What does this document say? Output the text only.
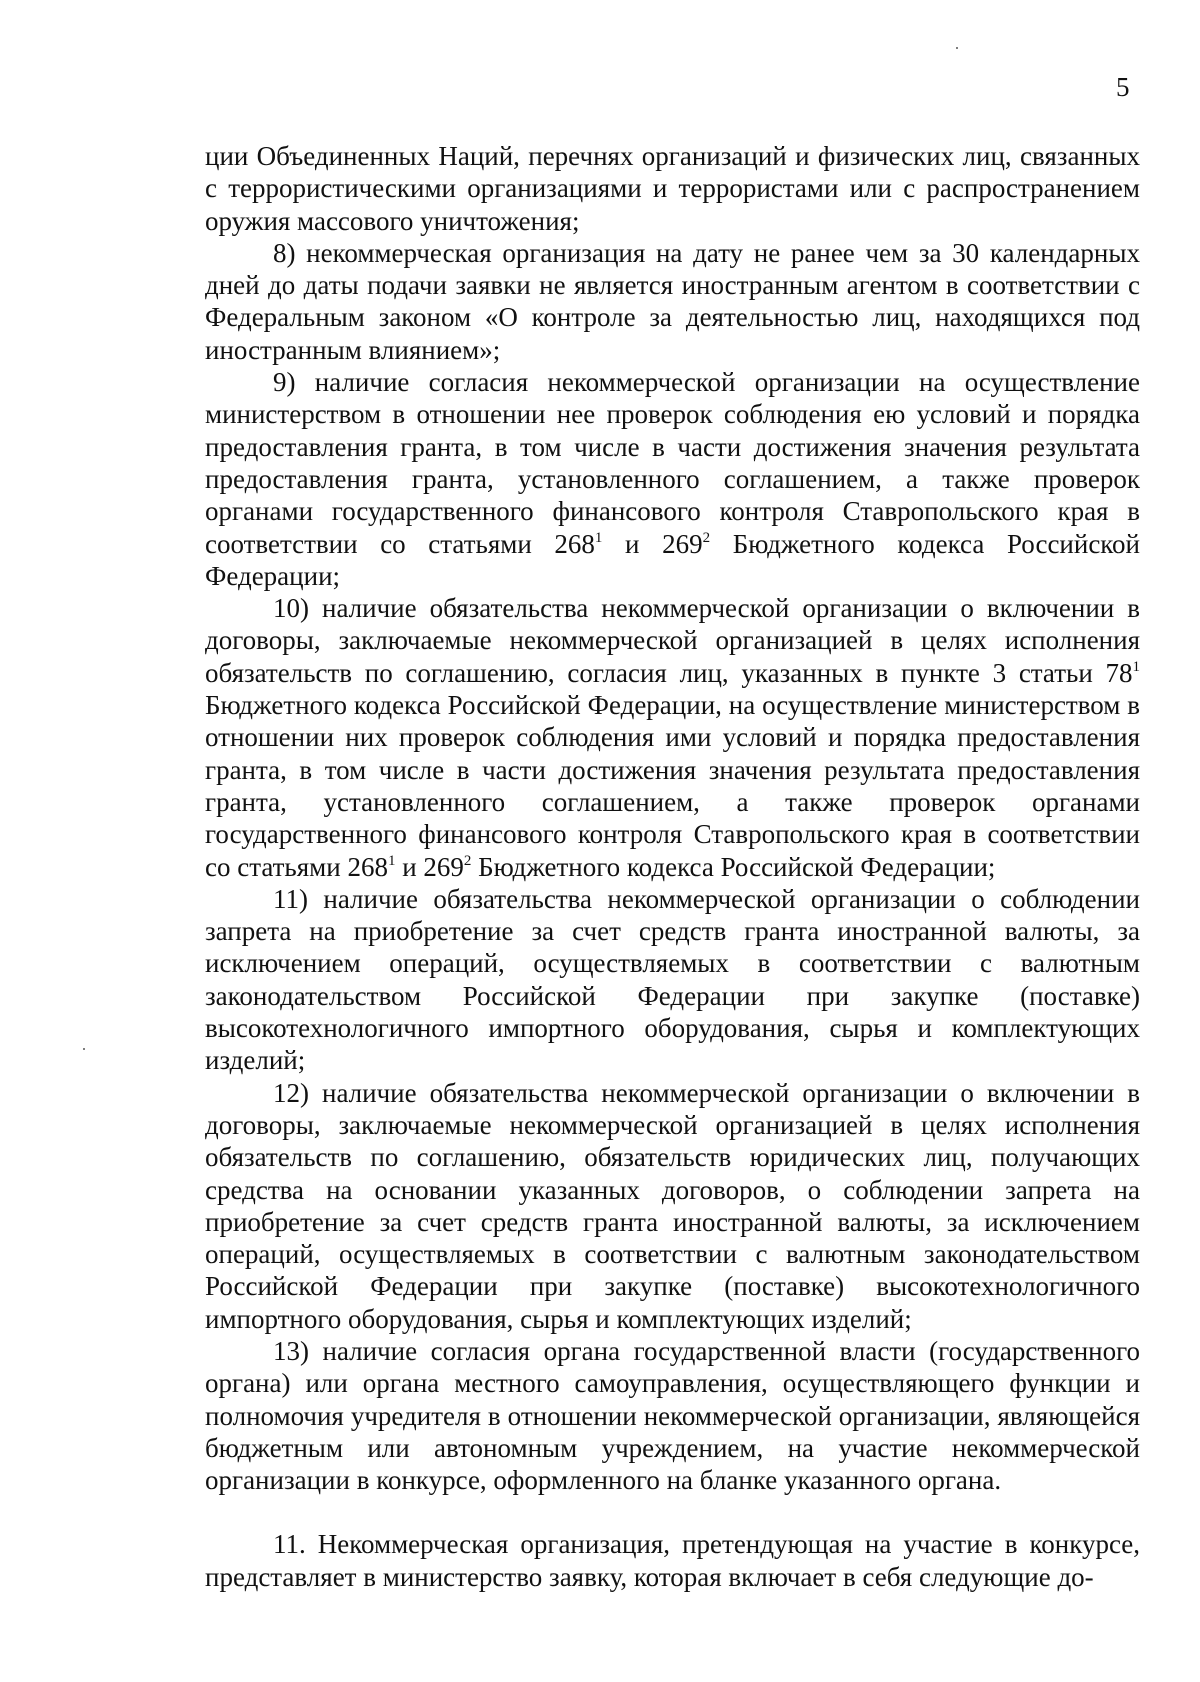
5

ции Объединенных Наций, перечнях организаций и физических лиц, связанных с террористическими организациями и террористами или с распространением оружия массового уничтожения;

8) некоммерческая организация на дату не ранее чем за 30 календарных дней до даты подачи заявки не является иностранным агентом в соответствии с Федеральным законом «О контроле за деятельностью лиц, находящихся под иностранным влиянием»;

9) наличие согласия некоммерческой организации на осуществление министерством в отношении нее проверок соблюдения ею условий и порядка предоставления гранта, в том числе в части достижения значения результата предоставления гранта, установленного соглашением, а также проверок органами государственного финансового контроля Ставропольского края в соответствии со статьями $268^1$ и $269^2$ Бюджетного кодекса Российской Федерации;

10) наличие обязательства некоммерческой организации о включении в договоры, заключаемые некоммерческой организацией в целях исполнения обязательств по соглашению, согласия лиц, указанных в пункте 3 статьи $78^1$ Бюджетного кодекса Российской Федерации, на осуществление министерством в отношении них проверок соблюдения ими условий и порядка предоставления гранта, в том числе в части достижения значения результата предоставления гранта, установленного соглашением, а также проверок органами государственного финансового контроля Ставропольского края в соответствии со статьями $268^1$ и $269^2$ Бюджетного кодекса Российской Федерации;

11) наличие обязательства некоммерческой организации о соблюдении запрета на приобретение за счет средств гранта иностранной валюты, за исключением операций, осуществляемых в соответствии с валютным законодательством Российской Федерации при закупке (поставке) высокотехнологичного импортного оборудования, сырья и комплектующих изделий;

12) наличие обязательства некоммерческой организации о включении в договоры, заключаемые некоммерческой организацией в целях исполнения обязательств по соглашению, обязательств юридических лиц, получающих средства на основании указанных договоров, о соблюдении запрета на приобретение за счет средств гранта иностранной валюты, за исключением операций, осуществляемых в соответствии с валютным законодательством Российской Федерации при закупке (поставке) высокотехнологичного импортного оборудования, сырья и комплектующих изделий;

13) наличие согласия органа государственной власти (государственного органа) или органа местного самоуправления, осуществляющего функции и полномочия учредителя в отношении некоммерческой организации, являющейся бюджетным или автономным учреждением, на участие некоммерческой организации в конкурсе, оформленного на бланке указанного органа.

11. Некоммерческая организация, претендующая на участие в конкурсе, представляет в министерство заявку, которая включает в себя следующие до-
